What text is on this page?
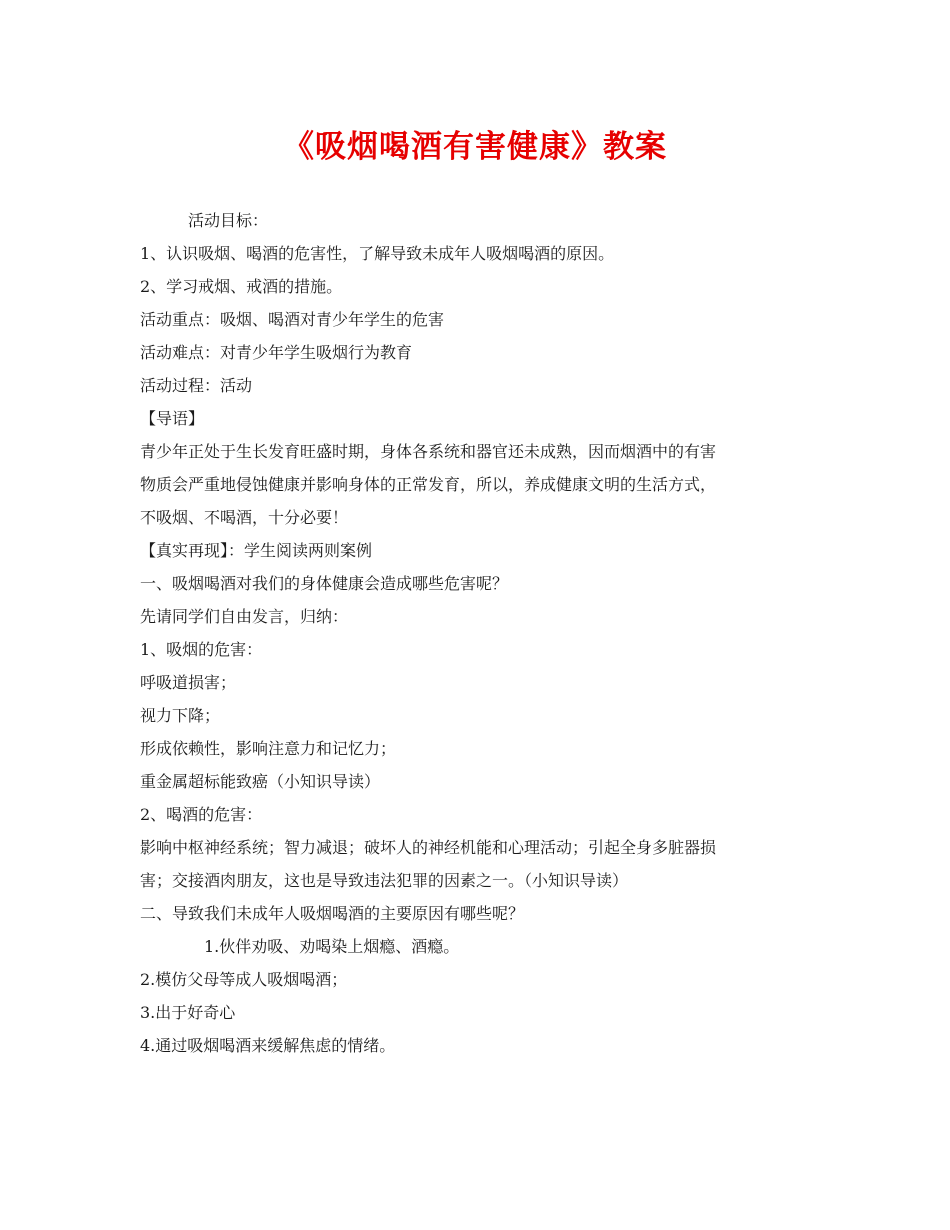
《吸烟喝酒有害健康》教案
活动目标：
1、认识吸烟、喝酒的危害性，了解导致未成年人吸烟喝酒的原因。
2、学习戒烟、戒酒的措施。
活动重点：吸烟、喝酒对青少年学生的危害
活动难点：对青少年学生吸烟行为教育
活动过程：活动
【导语】
青少年正处于生长发育旺盛时期，身体各系统和器官还未成熟，因而烟酒中的有害
物质会严重地侵蚀健康并影响身体的正常发育，所以，养成健康文明的生活方式，
不吸烟、不喝酒，十分必要！
【真实再现】：学生阅读两则案例
一、吸烟喝酒对我们的身体健康会造成哪些危害呢？
先请同学们自由发言，归纳：
1、吸烟的危害：
呼吸道损害；
视力下降；
形成依赖性，影响注意力和记忆力；
重金属超标能致癌（小知识导读）
2、喝酒的危害：
影响中枢神经系统；智力减退；破坏人的神经机能和心理活动；引起全身多脏器损
害；交接酒肉朋友，这也是导致违法犯罪的因素之一。（小知识导读）
二、导致我们未成年人吸烟喝酒的主要原因有哪些呢？
1.伙伴劝吸、劝喝染上烟瘾、酒瘾。
2.模仿父母等成人吸烟喝酒；
3.出于好奇心
4.通过吸烟喝酒来缓解焦虑的情绪。
